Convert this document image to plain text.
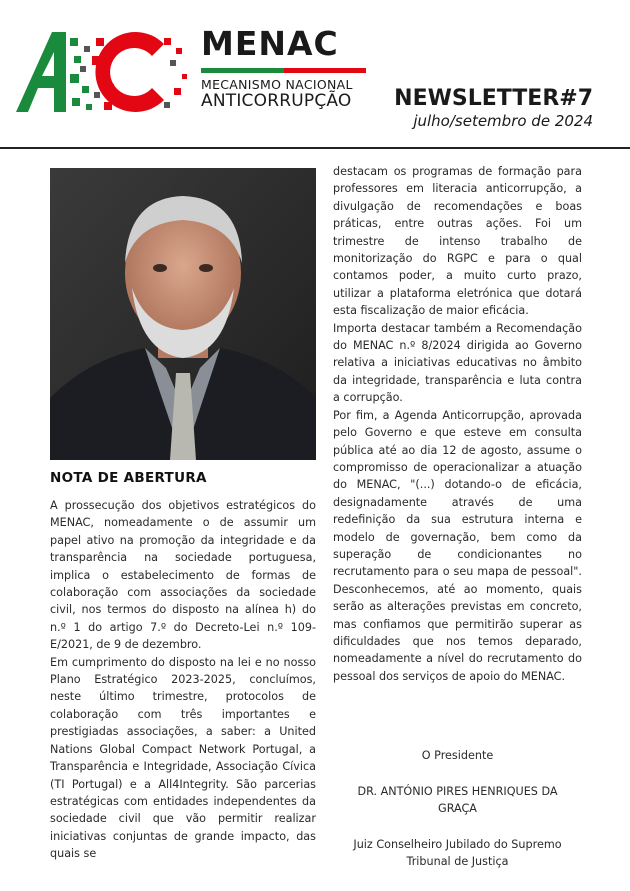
MENAC
MECANISMO NACIONAL
ANTICORRUPÇÃO	NEWSLETTER#7
julho/setembro de 2024
NOTA DE ABERTURA

A prossecução dos objetivos estratégicos do MENAC, nomeadamente o de assumir um papel ativo na promoção da integridade e da transparência na sociedade portuguesa, implica o estabelecimento de formas de colaboração com associações da sociedade civil, nos termos do disposto na alínea h) do n.º 1 do artigo 7.º do Decreto-Lei n.º 109-E/2021, de 9 de dezembro.

Em cumprimento do disposto na lei e no nosso Plano Estratégico 2023-2025, concluímos, neste último trimestre, protocolos de colaboração com três importantes e prestigiadas associações, a saber: a United Nations Global Compact Network Portugal, a Transparência e Integridade, Associação Cívica (TI Portugal) e a All4Integrity. São parcerias estratégicas com entidades independentes da sociedade civil que vão permitir realizar iniciativas conjuntas de grande impacto, das quais se

destacam os programas de formação para professores em literacia anticorrupção, a divulgação de recomendações e boas práticas, entre outras ações. Foi um trimestre de intenso trabalho de monitorização do RGPC e para o qual contamos poder, a muito curto prazo, utilizar a plataforma eletrónica que dotará esta fiscalização de maior eficácia.

Importa destacar também a Recomendação do MENAC n.º 8/2024 dirigida ao Governo relativa a iniciativas educativas no âmbito da integridade, transparência e luta contra a corrupção.

Por fim, a Agenda Anticorrupção, aprovada pelo Governo e que esteve em consulta pública até ao dia 12 de agosto, assume o compromisso de operacionalizar a atuação do MENAC, "(...) dotando-o de eficácia, designadamente através de uma redefinição da sua estrutura interna e modelo de governação, bem como da superação de condicionantes no recrutamento para o seu mapa de pessoal". Desconhecemos, até ao momento, quais serão as alterações previstas em concreto, mas confiamos que permitirão superar as dificuldades que nos temos deparado, nomeadamente a nível do recrutamento do pessoal dos serviços de apoio do MENAC.

O Presidente
DR. ANTÓNIO PIRES HENRIQUES DA GRAÇA
Juiz Conselheiro Jubilado do Supremo Tribunal de Justiça
